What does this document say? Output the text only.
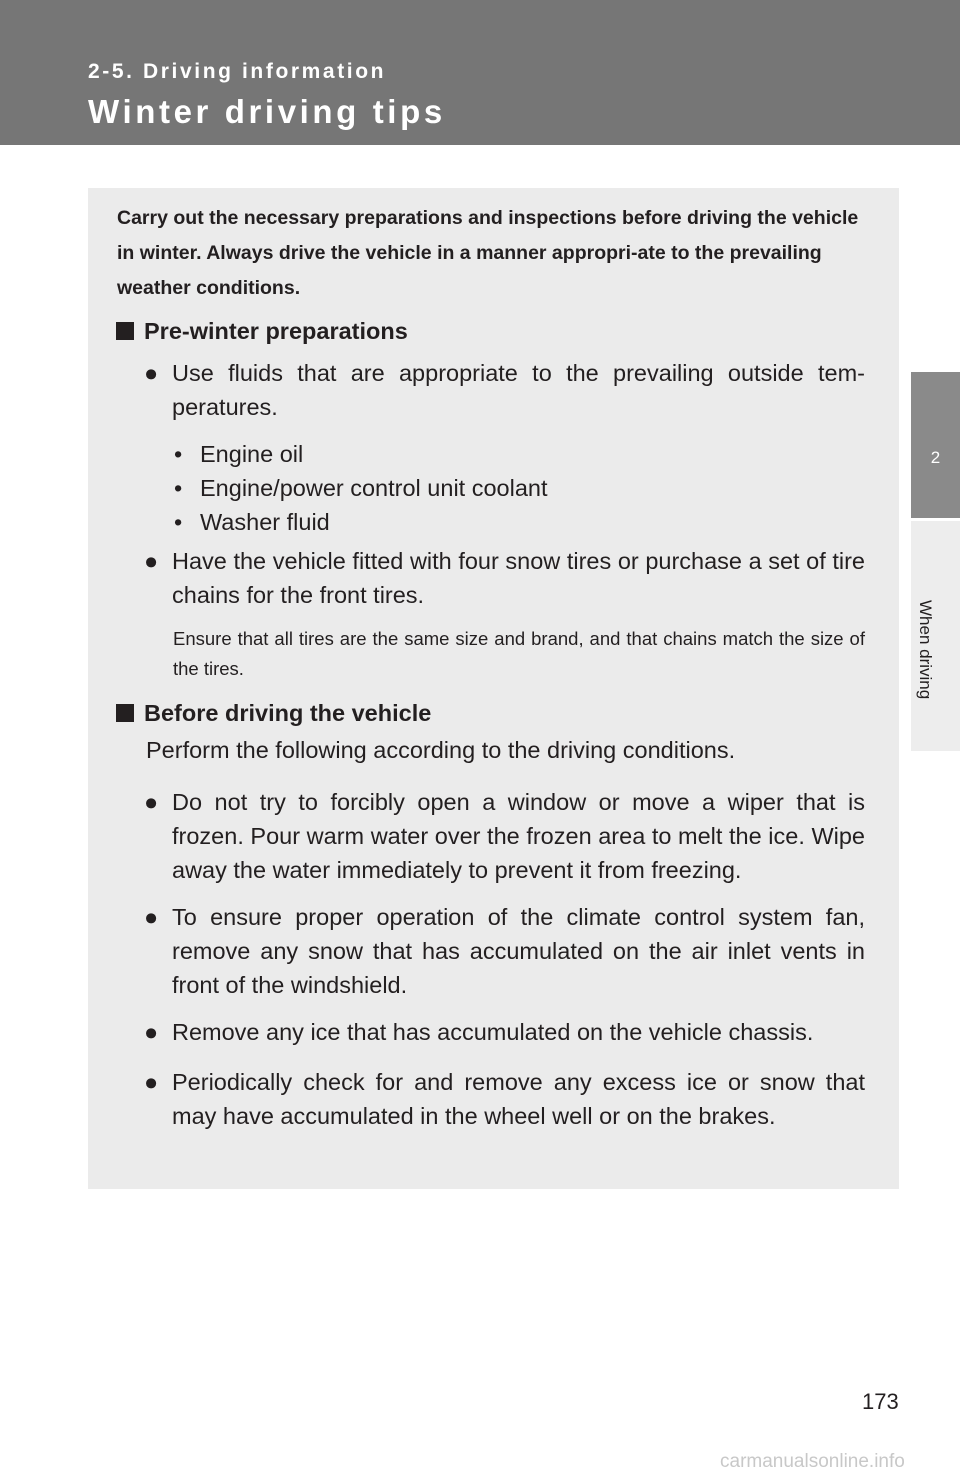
2-5. Driving information
Winter driving tips
2
When driving

Carry out the necessary preparations and inspections before driving the vehicle in winter. Always drive the vehicle in a manner appropri-ate to the prevailing weather conditions.

Pre-winter preparations
● Use fluids that are appropriate to the prevailing outside tem-peratures.
• Engine oil
• Engine/power control unit coolant
• Washer fluid
● Have the vehicle fitted with four snow tires or purchase a set of tire chains for the front tires.
Ensure that all tires are the same size and brand, and that chains match the size of the tires.
Before driving the vehicle
Perform the following according to the driving conditions.
● Do not try to forcibly open a window or move a wiper that is frozen. Pour warm water over the frozen area to melt the ice. Wipe away the water immediately to prevent it from freezing.
● To ensure proper operation of the climate control system fan, remove any snow that has accumulated on the air inlet vents in front of the windshield.
● Remove any ice that has accumulated on the vehicle chassis.
● Periodically check for and remove any excess ice or snow that may have accumulated in the wheel well or on the brakes.
173
carmanualsonline.info
